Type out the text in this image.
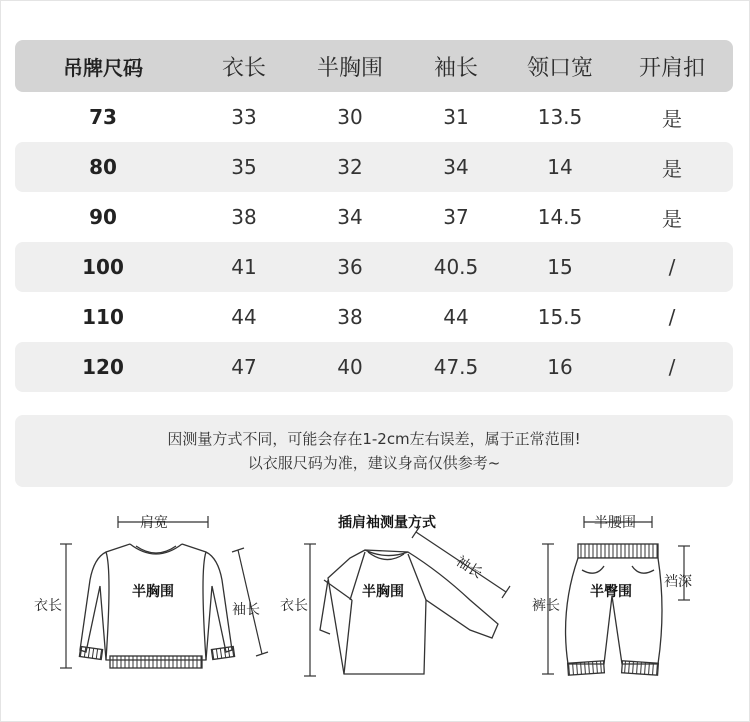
吊牌尺码	衣长	半胸围	袖长	领口宽	开肩扣
73	33	30	31	13.5	是
80	35	32	34	14	是
90	38	34	37	14.5	是
100	41	36	40.5	15	/
110	44	38	44	15.5	/
120	47	40	47.5	16	/
因测量方式不同，可能会存在1-2cm左右误差，属于正常范围!
以衣服尺码为准，建议身高仅供参考~
肩宽
半胸围
衣长	袖长
插肩袖测量方式
半胸围
衣长
袖长
半腰围
半臀围
裤长
裆深
